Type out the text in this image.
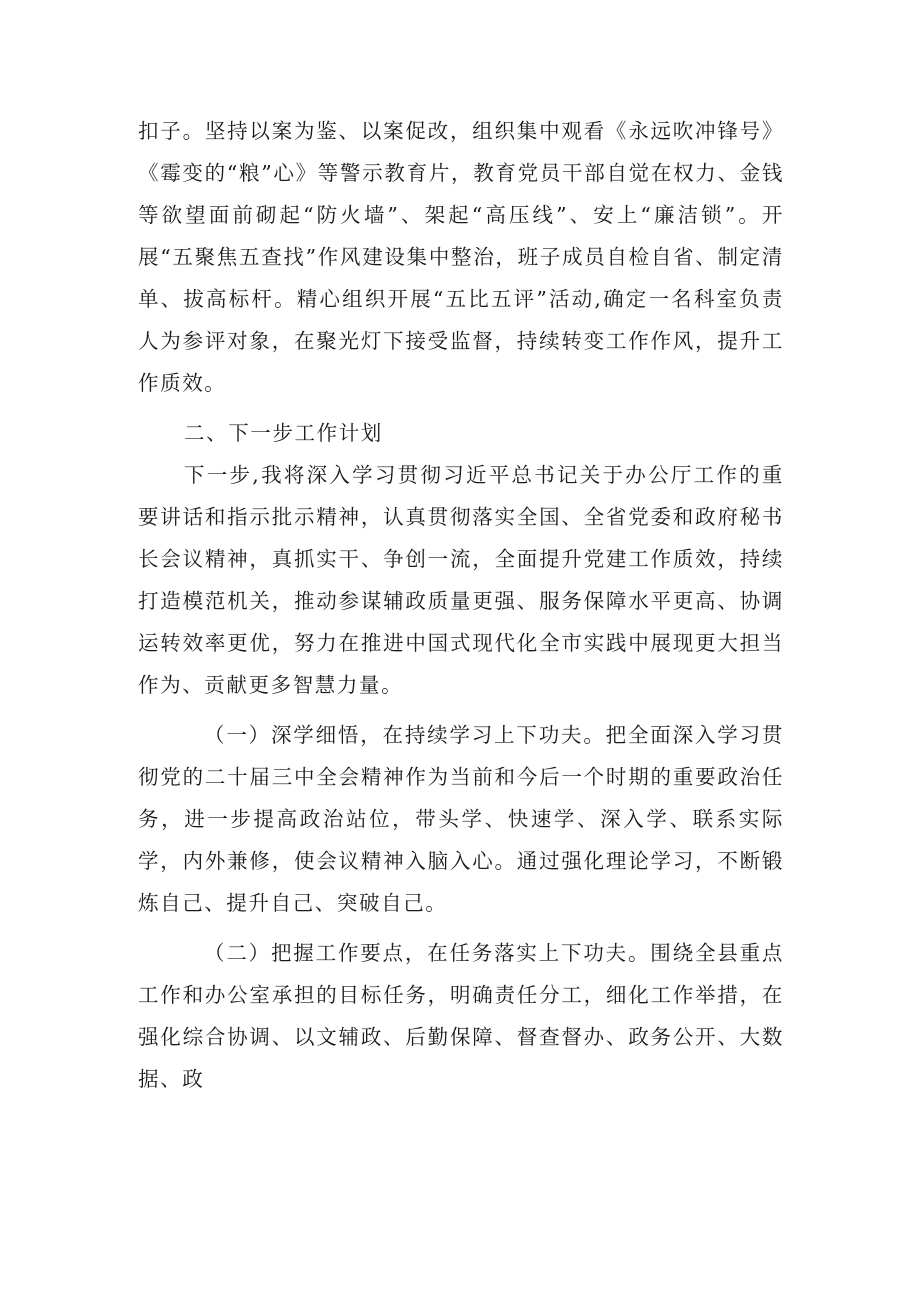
扣子。坚持以案为鉴、以案促改，组织集中观看《永远吹冲锋号》《霉变的“粮”心》等警示教育片，教育党员干部自觉在权力、金钱等欲望面前砌起“防火墙”、架起“高压线”、安上“廉洁锁”。开展“五聚焦五查找”作风建设集中整治，班子成员自检自省、制定清单、拔高标杆。精心组织开展“五比五评”活动,确定一名科室负责人为参评对象，在聚光灯下接受监督，持续转变工作作风，提升工作质效。

二、下一步工作计划

下一步,我将深入学习贯彻习近平总书记关于办公厅工作的重要讲话和指示批示精神，认真贯彻落实全国、全省党委和政府秘书长会议精神，真抓实干、争创一流，全面提升党建工作质效，持续打造模范机关，推动参谋辅政质量更强、服务保障水平更高、协调运转效率更优，努力在推进中国式现代化全市实践中展现更大担当作为、贡献更多智慧力量。

（一）深学细悟，在持续学习上下功夫。把全面深入学习贯彻党的二十届三中全会精神作为当前和今后一个时期的重要政治任务，进一步提高政治站位，带头学、快速学、深入学、联系实际学，内外兼修，使会议精神入脑入心。通过强化理论学习，不断锻炼自己、提升自己、突破自己。

（二）把握工作要点，在任务落实上下功夫。围绕全县重点工作和办公室承担的目标任务，明确责任分工，细化工作举措，在强化综合协调、以文辅政、后勤保障、督查督办、政务公开、大数据、政
